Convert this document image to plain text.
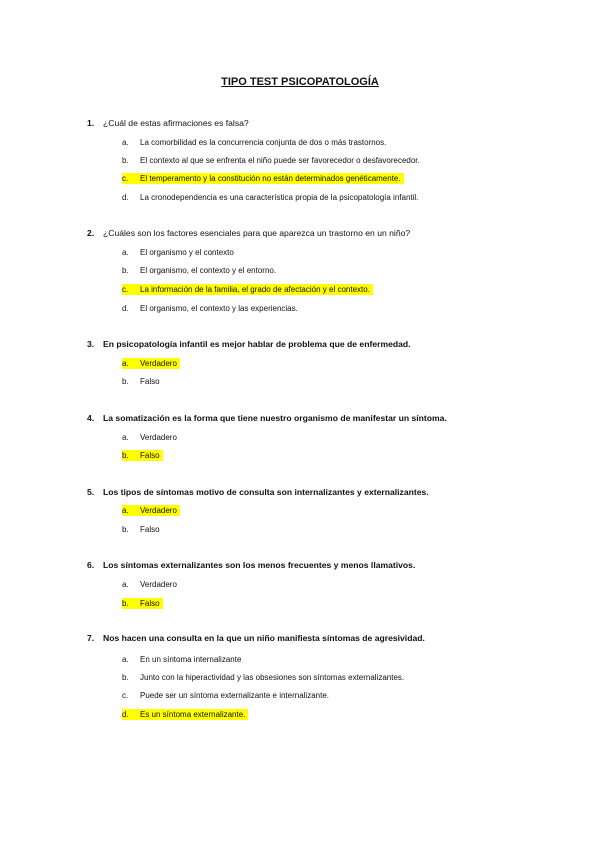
TIPO TEST PSICOPATOLOGÍA
1. ¿Cuál de estas afirmaciones es falsa?
a. La comorbilidad es la concurrencia conjunta de dos o más trastornos.
b. El contexto al que se enfrenta el niño puede ser favorecedor o desfavorecedor.
c. El temperamento y la constitución no están determinados genéticamente.
d. La cronodependencia es una característica propia de la psicopatología infantil.
2. ¿Cuáles son los factores esenciales para que aparezca un trastorno en un niño?
a. El organismo y el contexto
b. El organismo, el contexto y el entorno.
c. La información de la familia, el grado de afectación y el contexto.
d. El organismo, el contexto y las experiencias.
3. En psicopatología infantil es mejor hablar de problema que de enfermedad.
a. Verdadero
b. Falso
4. La somatización es la forma que tiene nuestro organismo de manifestar un síntoma.
a. Verdadero
b. Falso
5. Los tipos de síntomas motivo de consulta son internalizantes y externalizantes.
a. Verdadero
b. Falso
6. Los síntomas externalizantes son los menos frecuentes y menos llamativos.
a. Verdadero
b. Falso
7. Nos hacen una consulta en la que un niño manifiesta síntomas de agresividad.
a. En un síntoma internalizante
b. Junto con la hiperactividad y las obsesiones son síntomas externalizantes.
c. Puede ser un síntoma externalizante e internalizante.
d. Es un síntoma externalizante.
